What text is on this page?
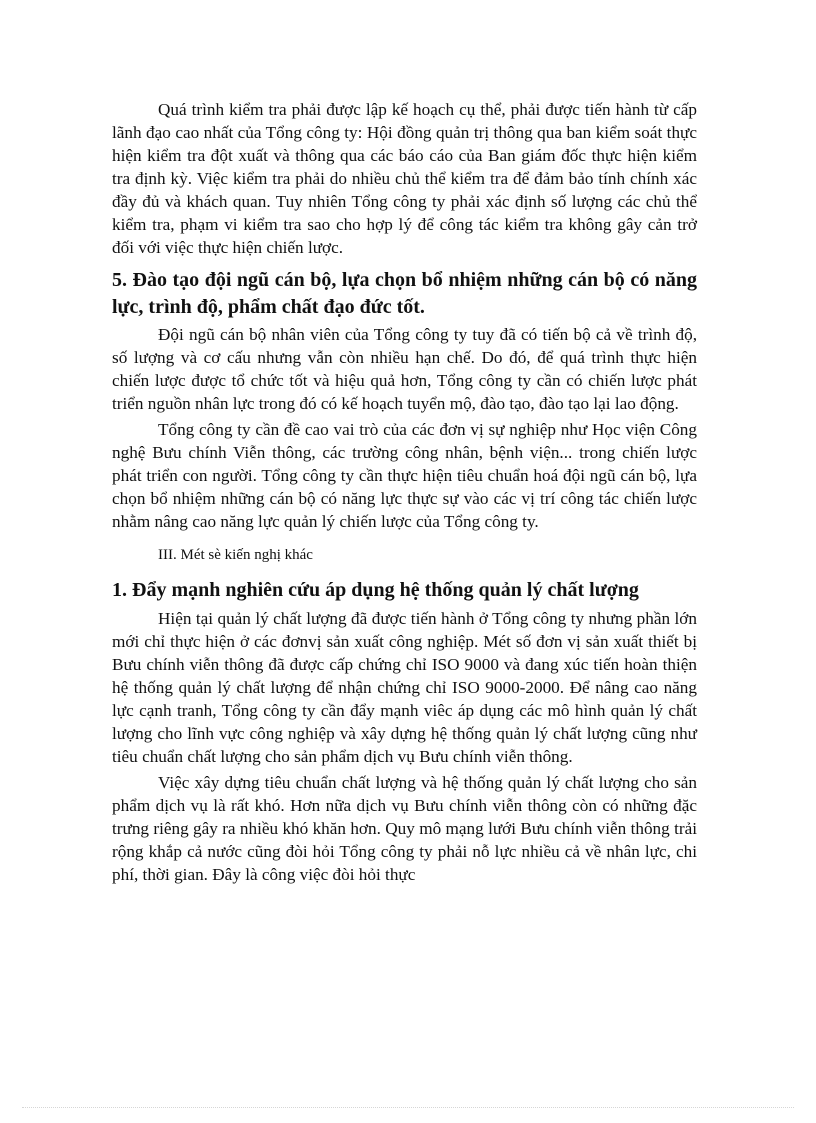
Quá trình kiểm tra phải được lập kế hoạch cụ thể, phải được tiến hành từ cấp lãnh đạo cao nhất của Tổng công ty: Hội đồng quản trị thông qua ban kiểm soát thực hiện kiểm tra đột xuất và thông qua các báo cáo của Ban giám đốc thực hiện kiểm tra định kỳ. Việc kiểm tra phải do nhiều chủ thể kiểm tra để đảm bảo tính chính xác đầy đủ và khách quan. Tuy nhiên Tổng công ty phải xác định số lượng các chủ thể kiểm tra, phạm vi kiểm tra sao cho hợp lý để công tác kiểm tra không gây cản trở đối với việc thực hiện chiến lược.

5. Đào tạo đội ngũ cán bộ, lựa chọn bổ nhiệm những cán bộ có năng lực, trình độ, phẩm chất đạo đức tốt.

Đội ngũ cán bộ nhân viên của Tổng công ty tuy đã có tiến bộ cả về trình độ, số lượng và cơ cấu nhưng vẫn còn nhiều hạn chế. Do đó, để quá trình thực hiện chiến lược được tổ chức tốt và hiệu quả hơn, Tổng công ty cần có chiến lược phát triển nguồn nhân lực trong đó có kế hoạch tuyển mộ, đào tạo, đào tạo lại lao động.

Tổng công ty cần đề cao vai trò của các đơn vị sự nghiệp như Học viện Công nghệ Bưu chính Viễn thông, các trường công nhân, bệnh viện... trong chiến lược phát triển con người. Tổng công ty cần thực hiện tiêu chuẩn hoá đội ngũ cán bộ, lựa chọn bổ nhiệm những cán bộ có năng lực thực sự vào các vị trí công tác chiến lược nhằm nâng cao năng lực quản lý chiến lược của Tổng công ty.

III. Mét sè kiến nghị khác

1. Đẩy mạnh nghiên cứu áp dụng hệ thống quản lý chất lượng

Hiện tại quản lý chất lượng đã được tiến hành ở Tổng công ty nhưng phần lớn mới chỉ thực hiện ở các đơnvị sản xuất công nghiệp. Mét số đơn vị sản xuất thiết bị Bưu chính viễn thông đã được cấp chứng chỉ ISO 9000 và đang xúc tiến hoàn thiện hệ thống quản lý chất lượng để nhận chứng chỉ ISO 9000-2000. Để nâng cao năng lực cạnh tranh, Tổng công ty cần đẩy mạnh viêc áp dụng các mô hình quản lý chất lượng cho lĩnh vực công nghiệp và xây dựng hệ thống quản lý chất lượng cũng như tiêu chuẩn chất lượng cho sản phẩm dịch vụ Bưu chính viễn thông.

Việc xây dựng tiêu chuẩn chất lượng và hệ thống quản lý chất lượng cho sản phẩm dịch vụ là rất khó. Hơn nữa dịch vụ Bưu chính viễn thông còn có những đặc trưng riêng gây ra nhiều khó khăn hơn. Quy mô mạng lưới Bưu chính viễn thông trải rộng khắp cả nước cũng đòi hỏi Tổng công ty phải nỗ lực nhiều cả về nhân lực, chi phí, thời gian. Đây là công việc đòi hỏi thực
